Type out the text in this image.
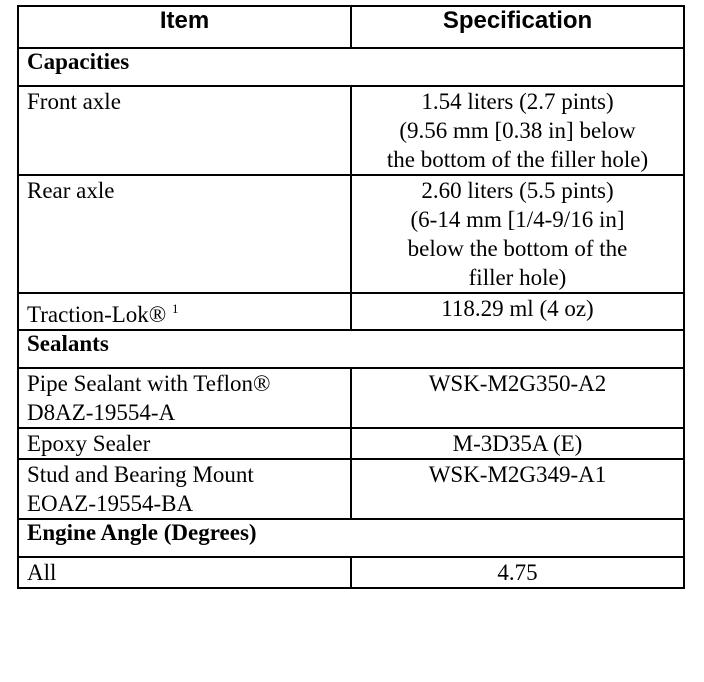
Item	Specification
Capacities	
Front axle	1.54 liters (2.7 pints)
(9.56 mm [0.38 in] below
the bottom of the filler hole)

Rear axle	2.60 liters (5.5 pints)
(6-14 mm [1/4-9/16 in]
below the bottom of the
filler hole)

Traction-Lok® $^1$	118.29 ml (4 oz)
Sealants	

Pipe Sealant with Teflon®
D8AZ-19554-A	WSK-M2G350-A2
Epoxy Sealer	M-3D35A (E)

Stud and Bearing Mount
EOAZ-19554-BA	WSK-M2G349-A1
Engine Angle (Degrees)	
All	4.75
